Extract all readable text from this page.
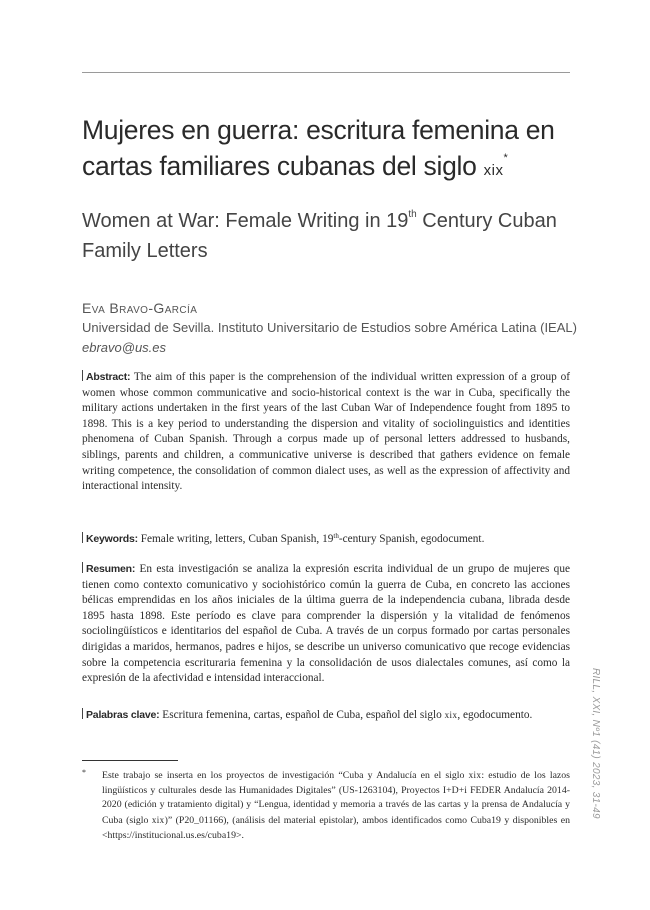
Mujeres en guerra: escritura femenina en cartas familiares cubanas del siglo xix*
Women at War: Female Writing in 19th Century Cuban Family Letters
Eva Bravo-García
Universidad de Sevilla. Instituto Universitario de Estudios sobre América Latina (IEAL)
ebravo@us.es

Abstract: The aim of this paper is the comprehension of the individual written expression of a group of women whose common communicative and socio-historical context is the war in Cuba, specifically the military actions undertaken in the first years of the last Cuban War of Independence fought from 1895 to 1898. This is a key period to understanding the dispersion and vitality of sociolinguistics and identities phenomena of Cuban Spanish. Through a corpus made up of personal letters addressed to husbands, siblings, parents and children, a communicative universe is described that gathers evidence on female writing competence, the consolidation of common dialect uses, as well as the expression of affectivity and interactional intensity.

Keywords: Female writing, letters, Cuban Spanish, 19th-century Spanish, egodocument.

Resumen: En esta investigación se analiza la expresión escrita individual de un grupo de mujeres que tienen como contexto comunicativo y sociohistórico común la guerra de Cuba, en concreto las acciones bélicas emprendidas en los años iniciales de la última guerra de la independencia cubana, librada desde 1895 hasta 1898. Este período es clave para comprender la dispersión y la vitalidad de fenómenos sociolingüísticos e identitarios del español de Cuba. A través de un corpus formado por cartas personales dirigidas a maridos, hermanos, padres e hijos, se describe un universo comunicativo que recoge evidencias sobre la competencia escrituraria femenina y la consolidación de usos dialectales comunes, así como la expresión de la afectividad e intensidad interaccional.

Palabras clave: Escritura femenina, cartas, español de Cuba, español del siglo xix, egodocumento.

* Este trabajo se inserta en los proyectos de investigación “Cuba y Andalucía en el siglo xix: estudio de los lazos lingüísticos y culturales desde las Humanidades Digitales” (US-1263104), Proyectos I+D+i FEDER Andalucía 2014-2020 (edición y tratamiento digital) y “Lengua, identidad y memoria a través de las cartas y la prensa de Andalucía y Cuba (siglo xix)” (P20_01166), (análisis del material epistolar), ambos identificados como Cuba19 y disponibles en <https://institucional.us.es/cuba19>.
RILL, XXI, Nº1 (41) 2023, 31-49
